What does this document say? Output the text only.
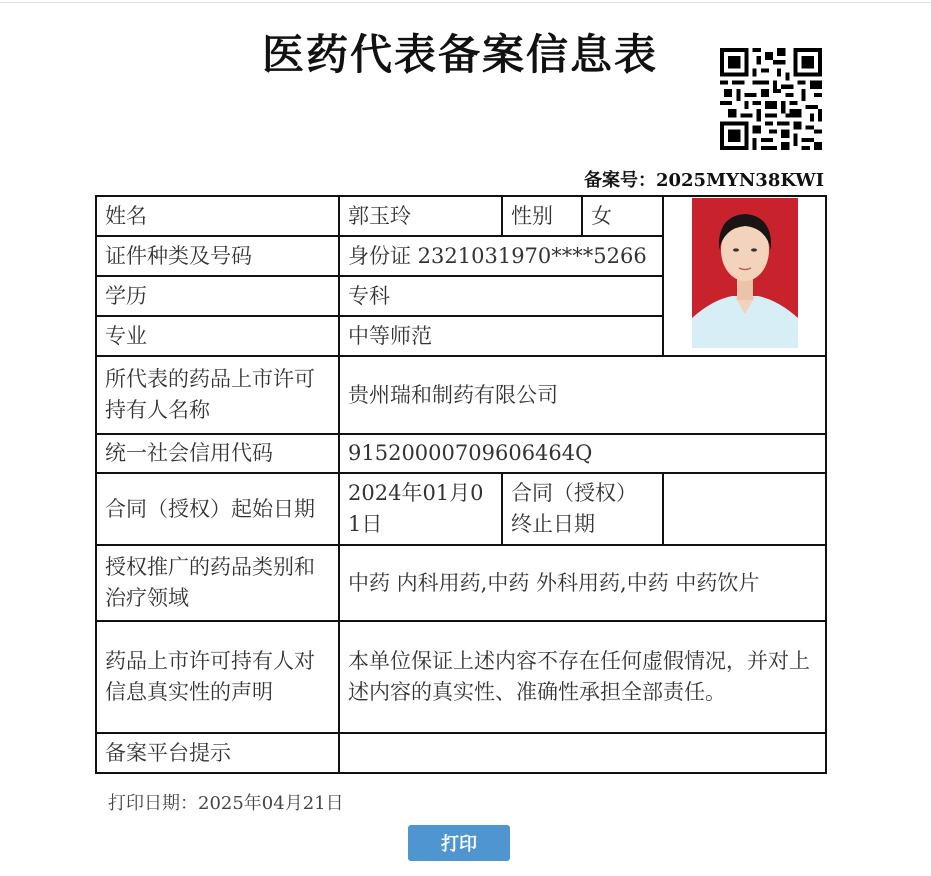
医药代表备案信息表
备案号：2025MYN38KWI
姓名	郭玉玲	性别	女	

证件种类及号码	身份证 2321031970****5266			
学历	专科			
专业	中等师范			
所代表的药品上市许可持有人名称	贵州瑞和制药有限公司			
统一社会信用代码	91520000709606464Q			
合同（授权）起始日期	2024年01月01日	合同（授权）终止日期		
授权推广的药品类别和治疗领域	中药 内科用药,中药 外科用药,中药 中药饮片			
药品上市许可持有人对信息真实性的声明	本单位保证上述内容不存在任何虚假情况，并对上述内容的真实性、准确性承担全部责任。			
备案平台提示				
打印日期：2025年04月21日
打印
